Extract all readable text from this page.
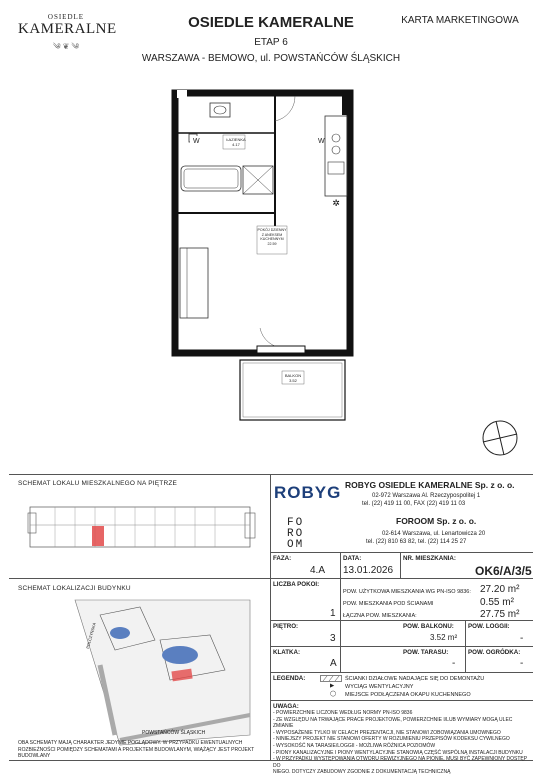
OSIEDLE
KAMERALNE
༄ ❦ ༄
OSIEDLE KAMERALNE
ETAP 6
WARSZAWA - BEMOWO, ul. POWSTAŃCÓW ŚLĄSKICH
KARTA MARKETINGOWA
✲
ŁAZIENKA
4.17
POKÓJ DZIENNY Z ANEKSEM KUCHENNYM
22.59
BALKON
3.52
W	W
SCHEMAT LOKALU MIESZKALNEGO NA PIĘTRZE
SCHEMAT LOKALIZACJI BUDYNKU
POLCZYŃSKA
POWSTAŃCÓW ŚLĄSKICH
ROBYG ROBYG OSIEDLE KAMERALNE Sp. z o. o.
02-972 Warszawa Al. Rzeczypospolitej 1
tel. (22) 419 11 00, FAX (22) 419 11 03
FO
RO
OM
FOROOM Sp. z o. o.
02-614 Warszawa, ul. Lenartowicza 20
tel. (22) 810 63 82, tel. (22) 114 25 27
FAZA:
4.A
DATA:
13.01.2026
NR. MIESZKANIA:
OK6/A/3/5
LICZBA POKOI:
1
POW. UŻYTKOWA MIESZKANIA WG PN-ISO 9836: 27.20 m²
POW. MIESZKANIA POD ŚCIANAMI	0.55 m²
ŁĄCZNA POW. MIESZKANIA:	27.75 m²
PIĘTRO:
3
POW. BALKONU:
3.52 m²
POW. LOGGII:
-
KLATKA:
A
POW. TARASU:
-
POW. OGRÓDKA:
-
LEGENDA:	ŚCIANKI DZIAŁOWE NADAJĄCE SIĘ DO DEMONTAŻU
▶ WYCIĄG WENTYLACYJNY
◯ MIEJSCE PODŁĄCZENIA OKAPU KUCHENNEGO
UWAGA:
- POWIERZCHNIE LICZONE WEDŁUG NORMY PN-ISO 9836
- ZE WZGLĘDU NA TRWAJĄCE PRACE PROJEKTOWE, POWIERZCHNIE I/LUB WYMIARY MOGĄ ULEC ZMIANIE
- WYPOSAŻENIE TYLKO W CELACH PREZENTACJI, NIE STANOWI ZOBOWIĄZANIA UMOWNEGO
- NINIEJSZY PROJEKT NIE STANOWI OFERTY W ROZUMIENIU PRZEPISÓW KODEKSU CYWILNEGO
- WYSOKOŚĆ NA TARASIE/LOGGII - MOŻLIWA RÓŻNICA POZIOMÓW
- PIONY KANALIZACYJNE I PIONY WENTYLACYJNE STANOWIĄ CZĘŚĆ WSPÓLNĄ INSTALACJI BUDYNKU
- W PRZYPADKU WYSTĘPOWANIA OTWORU REWIZYJNEGO NA PIONIE, MUSI BYĆ ZAPEWNIONY DOSTĘP DO
NIEGO. DOTYCZY ZABUDOWY ZGODNIE Z DOKUMENTACJĄ TECHNICZNĄ
OBA SCHEMATY MAJĄ CHARAKTER JEDYNIE POGLĄDOWY. W PRZYPADKU EWENTUALNYCH ROZBIEŻNOŚCI POMIĘDZY SCHEMATAMI A PROJEKTEM BUDOWLANYM, WIĄŻĄCY JEST PROJEKT BUDOWLANY
